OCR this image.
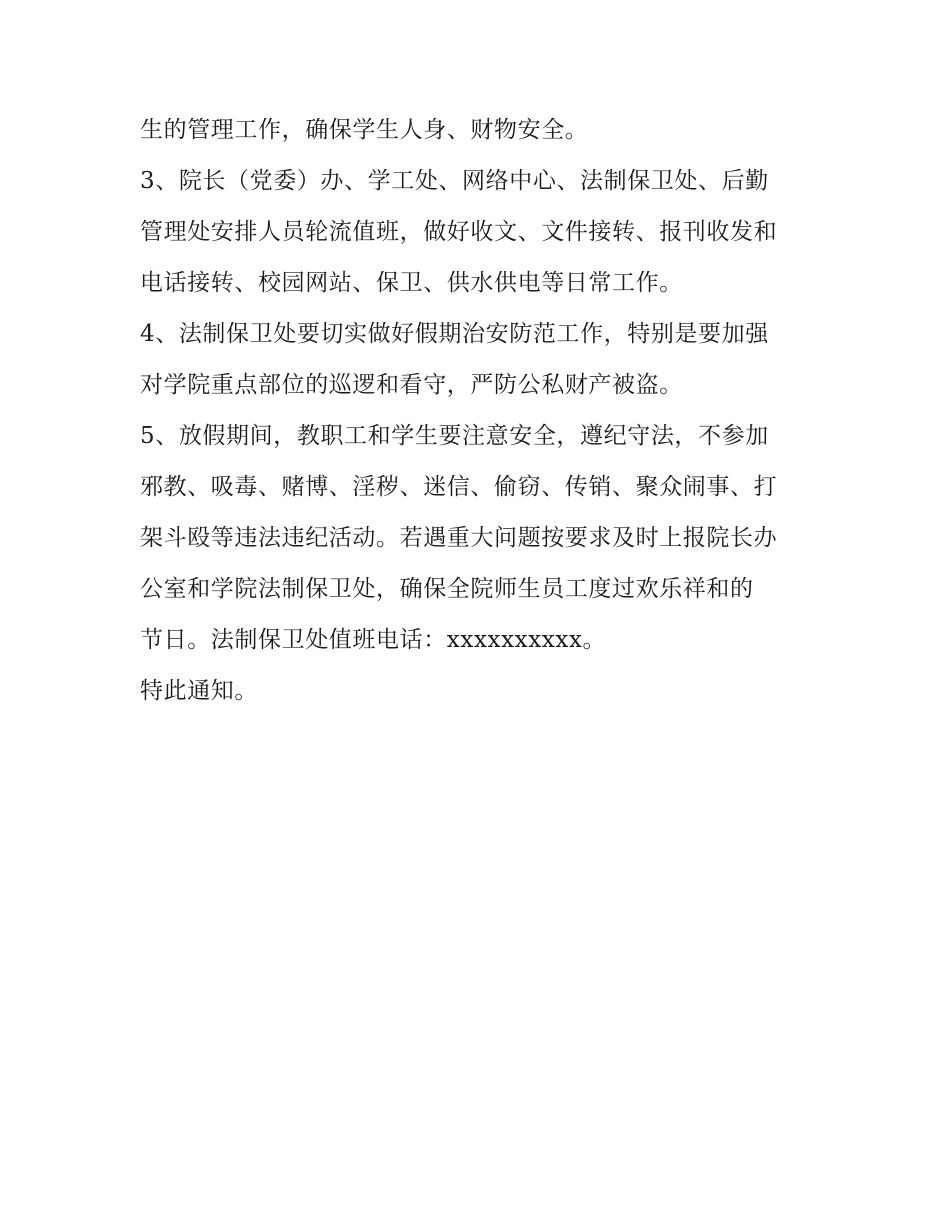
生的管理工作，确保学生人身、财物安全。
3、院长（党委）办、学工处、网络中心、法制保卫处、后勤
管理处安排人员轮流值班，做好收文、文件接转、报刊收发和
电话接转、校园网站、保卫、供水供电等日常工作。
4、法制保卫处要切实做好假期治安防范工作，特别是要加强
对学院重点部位的巡逻和看守，严防公私财产被盗。
5、放假期间，教职工和学生要注意安全，遵纪守法，不参加
邪教、吸毒、赌博、淫秽、迷信、偷窃、传销、聚众闹事、打
架斗殴等违法违纪活动。若遇重大问题按要求及时上报院长办
公室和学院法制保卫处，确保全院师生员工度过欢乐祥和的
节日。法制保卫处值班电话：xxxxxxxxxx。
特此通知。
